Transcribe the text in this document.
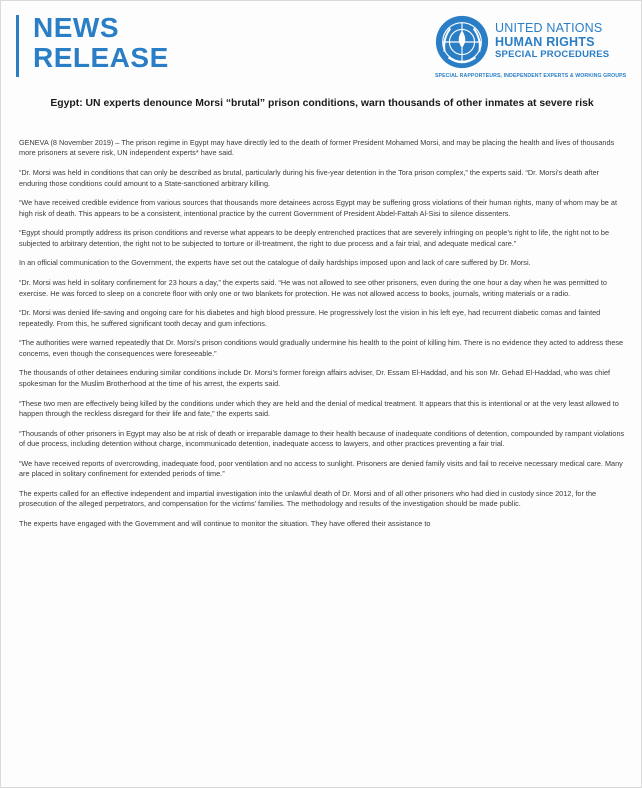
NEWS
RELEASE
UNITED NATIONS
HUMAN RIGHTS
SPECIAL PROCEDURES
SPECIAL RAPPORTEURS, INDEPENDENT EXPERTS & WORKING GROUPS
Egypt: UN experts denounce Morsi “brutal” prison conditions, warn thousands of other inmates at severe risk

GENEVA (8 November 2019) – The prison regime in Egypt may have directly led to the death of former President Mohamed Morsi, and may be placing the health and lives of thousands more prisoners at severe risk, UN independent experts* have said.

“Dr. Morsi was held in conditions that can only be described as brutal, particularly during his five-year detention in the Tora prison complex,” the experts said. “Dr. Morsi’s death after enduring those conditions could amount to a State-sanctioned arbitrary killing.

“We have received credible evidence from various sources that thousands more detainees across Egypt may be suffering gross violations of their human rights, many of whom may be at high risk of death. This appears to be a consistent, intentional practice by the current Government of President Abdel-Fattah Al-Sisi to silence dissenters.

“Egypt should promptly address its prison conditions and reverse what appears to be deeply entrenched practices that are severely infringing on people’s right to life, the right not to be subjected to arbitrary detention, the right not to be subjected to torture or ill-treatment, the right to due process and a fair trial, and adequate medical care.”

In an official communication to the Government, the experts have set out the catalogue of daily hardships imposed upon and lack of care suffered by Dr. Morsi.

“Dr. Morsi was held in solitary confinement for 23 hours a day,” the experts said. “He was not allowed to see other prisoners, even during the one hour a day when he was permitted to exercise. He was forced to sleep on a concrete floor with only one or two blankets for protection. He was not allowed access to books, journals, writing materials or a radio.

“Dr. Morsi was denied life-saving and ongoing care for his diabetes and high blood pressure. He progressively lost the vision in his left eye, had recurrent diabetic comas and fainted repeatedly. From this, he suffered significant tooth decay and gum infections.

“The authorities were warned repeatedly that Dr. Morsi’s prison conditions would gradually undermine his health to the point of killing him. There is no evidence they acted to address these concerns, even though the consequences were foreseeable.”

The thousands of other detainees enduring similar conditions include Dr. Morsi’s former foreign affairs adviser, Dr. Essam El-Haddad, and his son Mr. Gehad El-Haddad, who was chief spokesman for the Muslim Brotherhood at the time of his arrest, the experts said.

“These two men are effectively being killed by the conditions under which they are held and the denial of medical treatment. It appears that this is intentional or at the very least allowed to happen through the reckless disregard for their life and fate,” the experts said.

“Thousands of other prisoners in Egypt may also be at risk of death or irreparable damage to their health because of inadequate conditions of detention, compounded by rampant violations of due process, including detention without charge, incommunicado detention, inadequate access to lawyers, and other practices preventing a fair trial.

“We have received reports of overcrowding, inadequate food, poor ventilation and no access to sunlight. Prisoners are denied family visits and fail to receive necessary medical care. Many are placed in solitary confinement for extended periods of time.”

The experts called for an effective independent and impartial investigation into the unlawful death of Dr. Morsi and of all other prisoners who had died in custody since 2012, for the prosecution of the alleged perpetrators, and compensation for the victims’ families. The methodology and results of the investigation should be made public.

The experts have engaged with the Government and will continue to monitor the situation. They have offered their assistance to
